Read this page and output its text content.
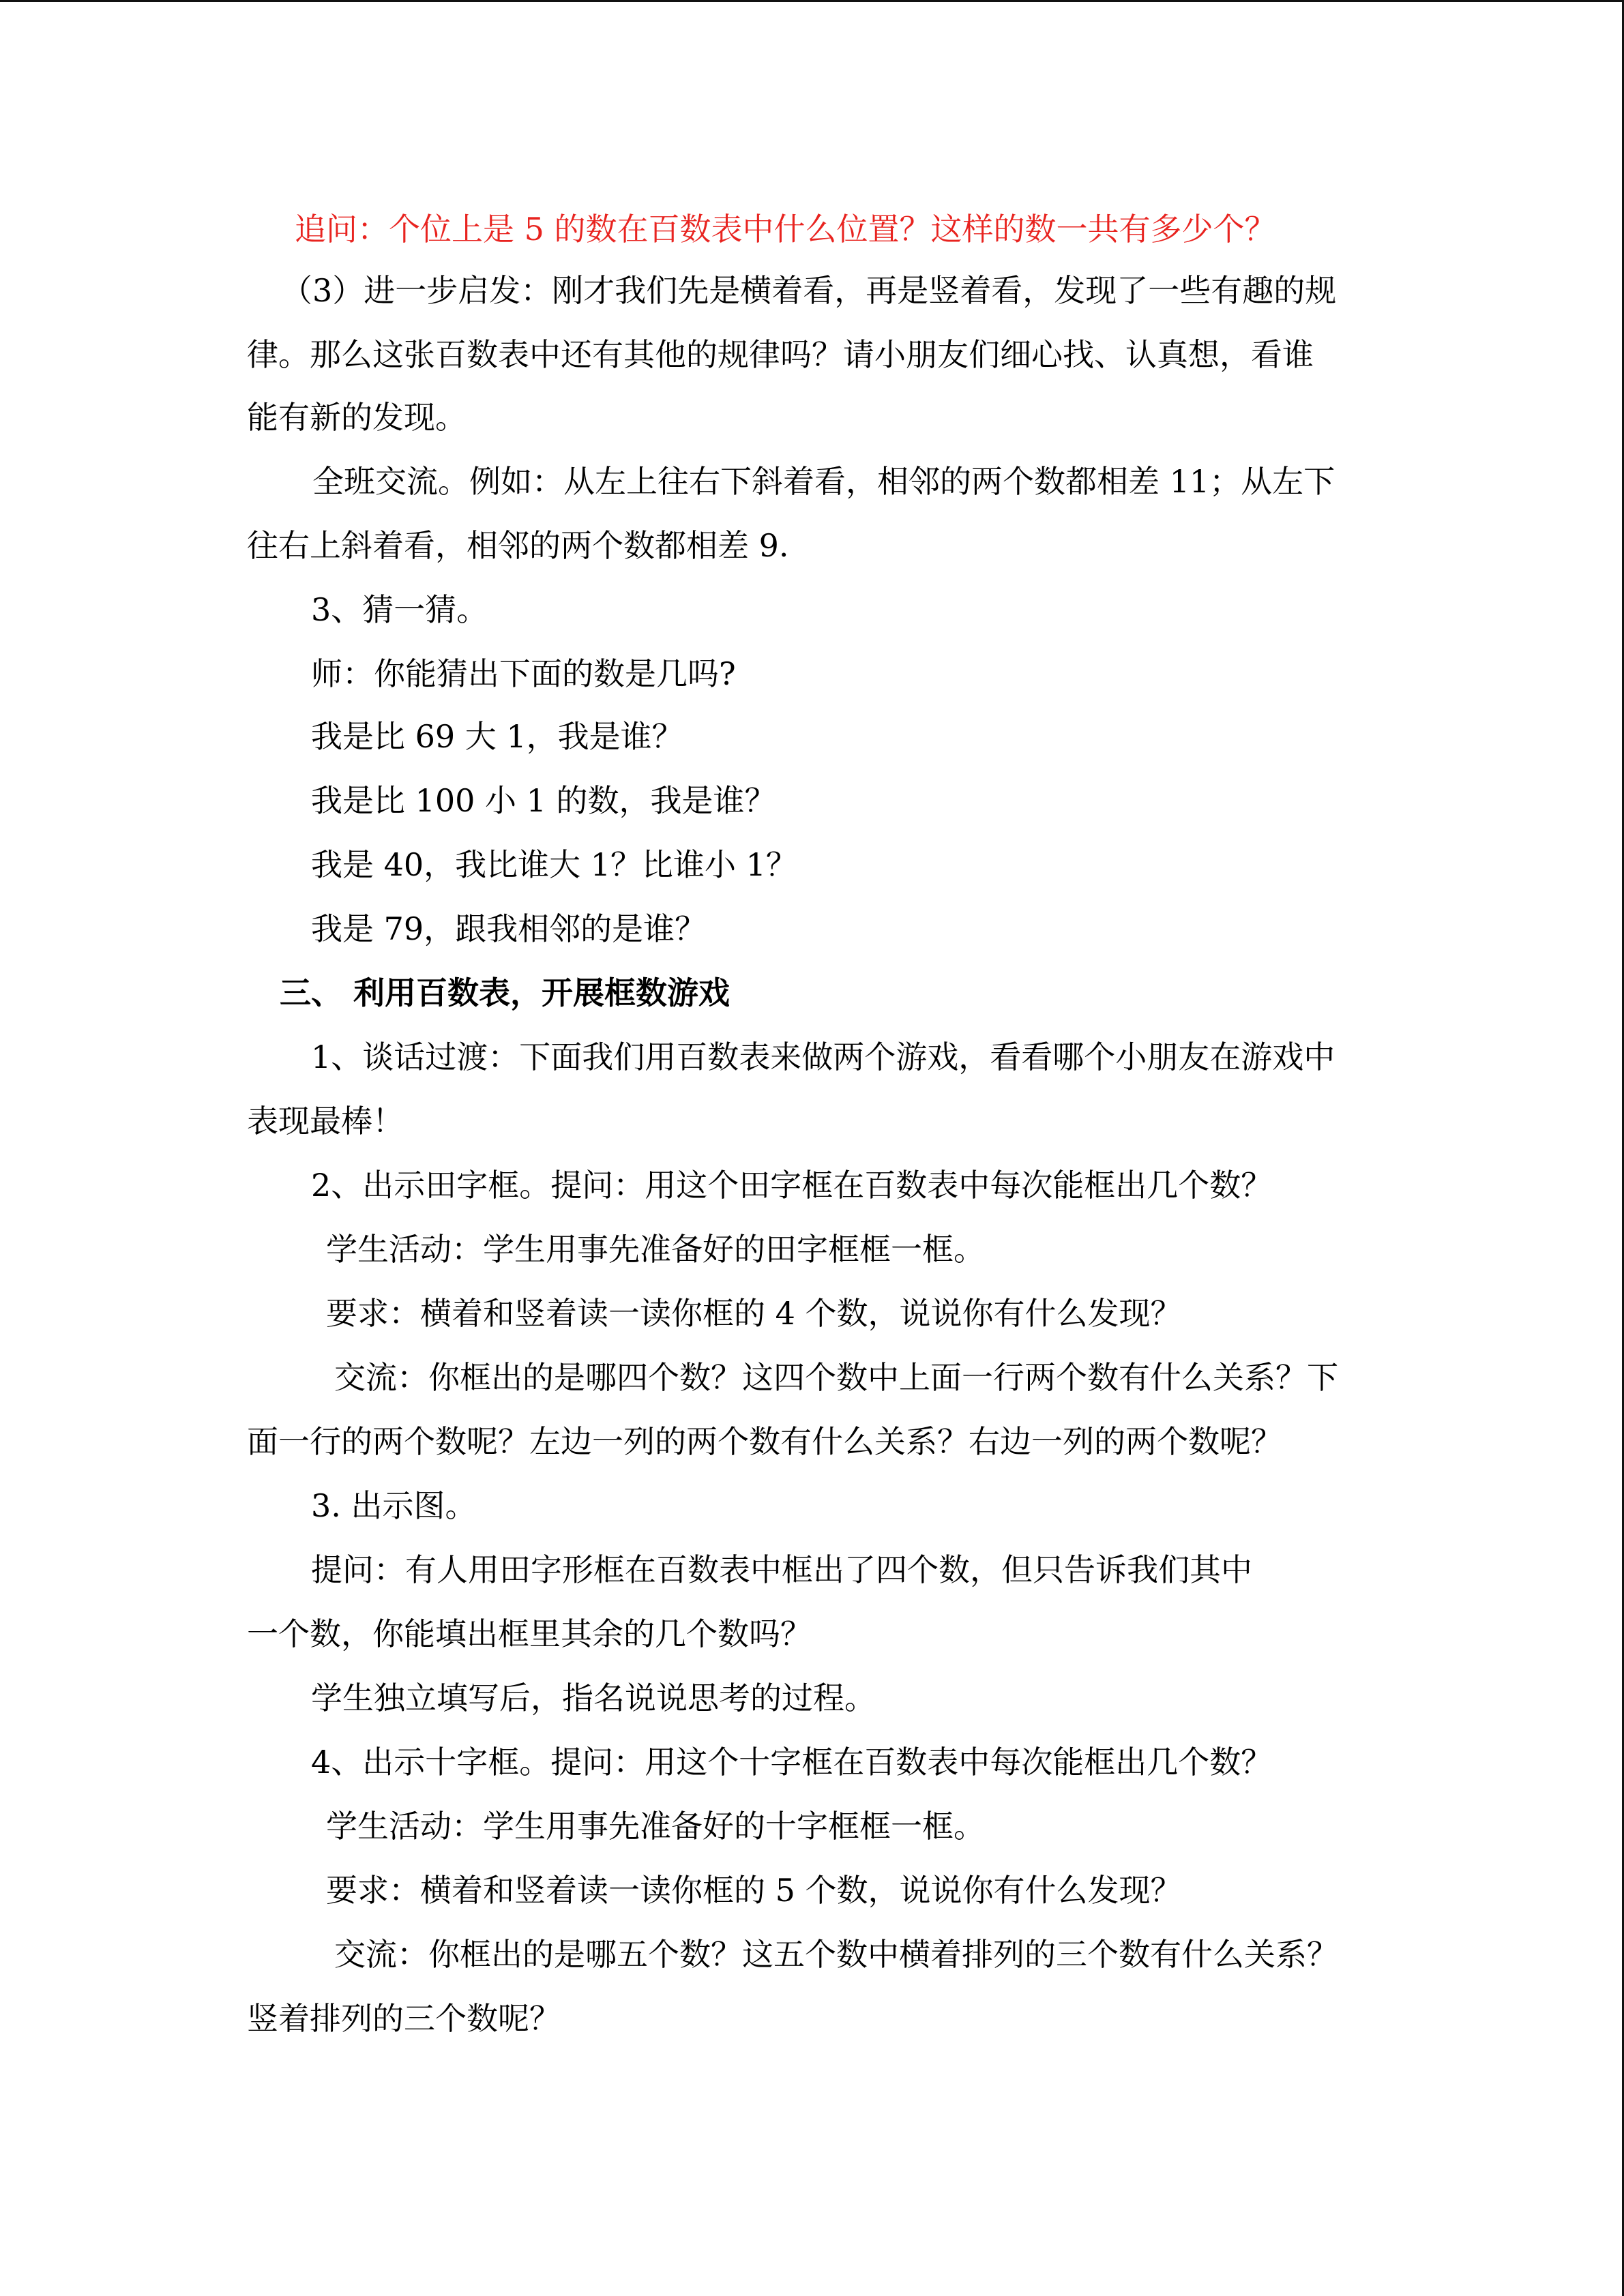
追问：个位上是 5 的数在百数表中什么位置？这样的数一共有多少个？
（3）进一步启发：刚才我们先是横着看，再是竖着看，发现了一些有趣的规
律。那么这张百数表中还有其他的规律吗？请小朋友们细心找、认真想，看谁
能有新的发现。
全班交流。例如：从左上往右下斜着看，相邻的两个数都相差 11；从左下
往右上斜着看，相邻的两个数都相差 9.
3、猜一猜。
师：你能猜出下面的数是几吗?
我是比 69 大 1，我是谁？
我是比 100 小 1 的数，我是谁？
我是 40，我比谁大 1？比谁小 1？
我是 79，跟我相邻的是谁？
三、 利用百数表，开展框数游戏
1、谈话过渡：下面我们用百数表来做两个游戏，看看哪个小朋友在游戏中
表现最棒！
2、出示田字框。提问：用这个田字框在百数表中每次能框出几个数？
学生活动：学生用事先准备好的田字框框一框。
要求：横着和竖着读一读你框的 4 个数，说说你有什么发现？
交流：你框出的是哪四个数？这四个数中上面一行两个数有什么关系？下
面一行的两个数呢？左边一列的两个数有什么关系？右边一列的两个数呢？
3. 出示图。
提问：有人用田字形框在百数表中框出了四个数，但只告诉我们其中
一个数，你能填出框里其余的几个数吗？
学生独立填写后，指名说说思考的过程。
4、出示十字框。提问：用这个十字框在百数表中每次能框出几个数？
学生活动：学生用事先准备好的十字框框一框。
要求：横着和竖着读一读你框的 5 个数，说说你有什么发现？
交流：你框出的是哪五个数？这五个数中横着排列的三个数有什么关系？
竖着排列的三个数呢？
